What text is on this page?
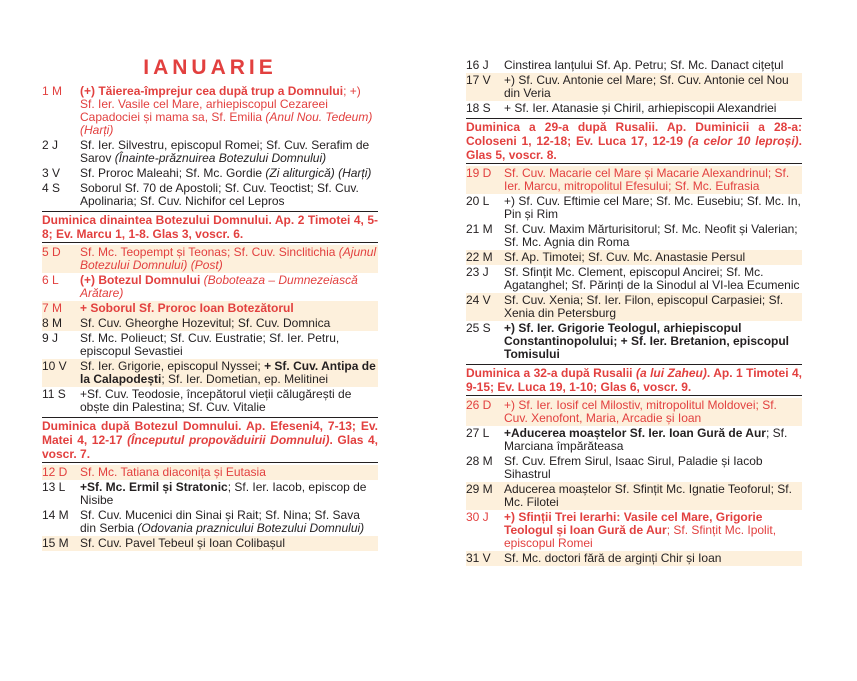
IANUARIE
1 M	(+) Tăierea-împrejur cea după trup a Domnului; +) Sf. Ier. Vasile cel Mare, arhiepiscopul Cezareei Capadociei și mama sa, Sf. Emilia (Anul Nou. Tedeum) (Harți)
2 J	Sf. Ier. Silvestru, episcopul Romei; Sf. Cuv. Serafim de Sarov (Înainte-prăznuirea Botezului Domnului)
3 V	Sf. Proroc Maleahi; Sf. Mc. Gordie (Zi aliturgică) (Harți)
4 S	Soborul Sf. 70 de Apostoli; Sf. Cuv. Teoctist; Sf. Cuv. Apolinaria; Sf. Cuv. Nichifor cel Lepros
Duminica dinaintea Botezului Domnului. Ap. 2 Timotei 4, 5-8; Ev. Marcu 1, 1-8. Glas 3, voscr. 6.
5 D	Sf. Mc. Teopempt și Teonas; Sf. Cuv. Sinclitichia (Ajunul Botezului Domnului) (Post)
6 L	(+) Botezul Domnului (Boboteaza – Dumnezeiască Arătare)
7 M	+ Soborul Sf. Proroc Ioan Botezătorul
8 M	Sf. Cuv. Gheorghe Hozevitul; Sf. Cuv. Domnica
9 J	Sf. Mc. Polieuct; Sf. Cuv. Eustratie; Sf. Ier. Petru, episcopul Sevastiei
10 V	Sf. Ier. Grigorie, episcopul Nyssei; + Sf. Cuv. Antipa de la Calapodești; Sf. Ier. Dometian, ep. Melitinei
11 S	+Sf. Cuv. Teodosie, începătorul vieții călugărești de obște din Palestina; Sf. Cuv. Vitalie
Duminica după Botezul Domnului. Ap. Efeseni4, 7-13; Ev. Matei 4, 12-17 (Începutul propovăduirii Domnului). Glas 4, voscr. 7.
12 D	Sf. Mc. Tatiana diaconița și Eutasia
13 L	+Sf. Mc. Ermil și Stratonic; Sf. Ier. Iacob, episcop de Nisibe
14 M Sf. Cuv. Mucenici din Sinai și Rait; Sf. Nina; Sf. Sava din Serbia (Odovania praznicului Botezului Domnului)
15 M Sf. Cuv. Pavel Tebeul și Ioan Colibașul
16 J	Cinstirea lanțului Sf. Ap. Petru; Sf. Mc. Danact cițețul
17 V	+) Sf. Cuv. Antonie cel Mare; Sf. Cuv. Antonie cel Nou din Veria
18 S	+ Sf. Ier. Atanasie și Chiril, arhiepiscopii Alexandriei
Duminica a 29-a după Rusalii. Ap. Duminicii a 28-a: Coloseni 1, 12-18; Ev. Luca 17, 12-19 (a celor 10 leproși). Glas 5, voscr. 8.
19 D	Sf. Cuv. Macarie cel Mare și Macarie Alexandrinul; Sf. Ier. Marcu, mitropolitul Efesului; Sf. Mc. Eufrasia
20 L	+) Sf. Cuv. Eftimie cel Mare; Sf. Mc. Eusebiu; Sf. Mc. In, Pin și Rim
21 M Sf. Cuv. Maxim Mărturisitorul; Sf. Mc. Neofit și Valerian; Sf. Mc. Agnia din Roma
22 M Sf. Ap. Timotei; Sf. Cuv. Mc. Anastasie Persul
23 J	Sf. Sfințit Mc. Clement, episcopul Ancirei; Sf. Mc. Agatanghel; Sf. Părinți de la Sinodul al VI-lea Ecumenic
24 V	Sf. Cuv. Xenia; Sf. Ier. Filon, episcopul Carpasiei; Sf. Xenia din Petersburg
25 S	+) Sf. Ier. Grigorie Teologul, arhiepiscopul Constantinopolului; + Sf. Ier. Bretanion, episcopul Tomisului
Duminica a 32-a după Rusalii (a lui Zaheu). Ap. 1 Timotei 4, 9-15; Ev. Luca 19, 1-10; Glas 6, voscr. 9.
26 D	+) Sf. Ier. Iosif cel Milostiv, mitropolitul Moldovei; Sf. Cuv. Xenofont, Maria, Arcadie și Ioan
27 L	+Aducerea moaștelor Sf. Ier. Ioan Gură de Aur; Sf. Marciana împărăteasa
28 M Sf. Cuv. Efrem Sirul, Isaac Sirul, Paladie și Iacob Sihastrul
29 M Aducerea moaștelor Sf. Sfințit Mc. Ignatie Teoforul; Sf. Mc. Filotei
30 J	+) Sfinții Trei Ierarhi: Vasile cel Mare, Grigorie Teologul și Ioan Gură de Aur; Sf. Sfințit Mc. Ipolit, episcopul Romei
31 V	Sf. Mc. doctori fără de arginți Chir și Ioan
